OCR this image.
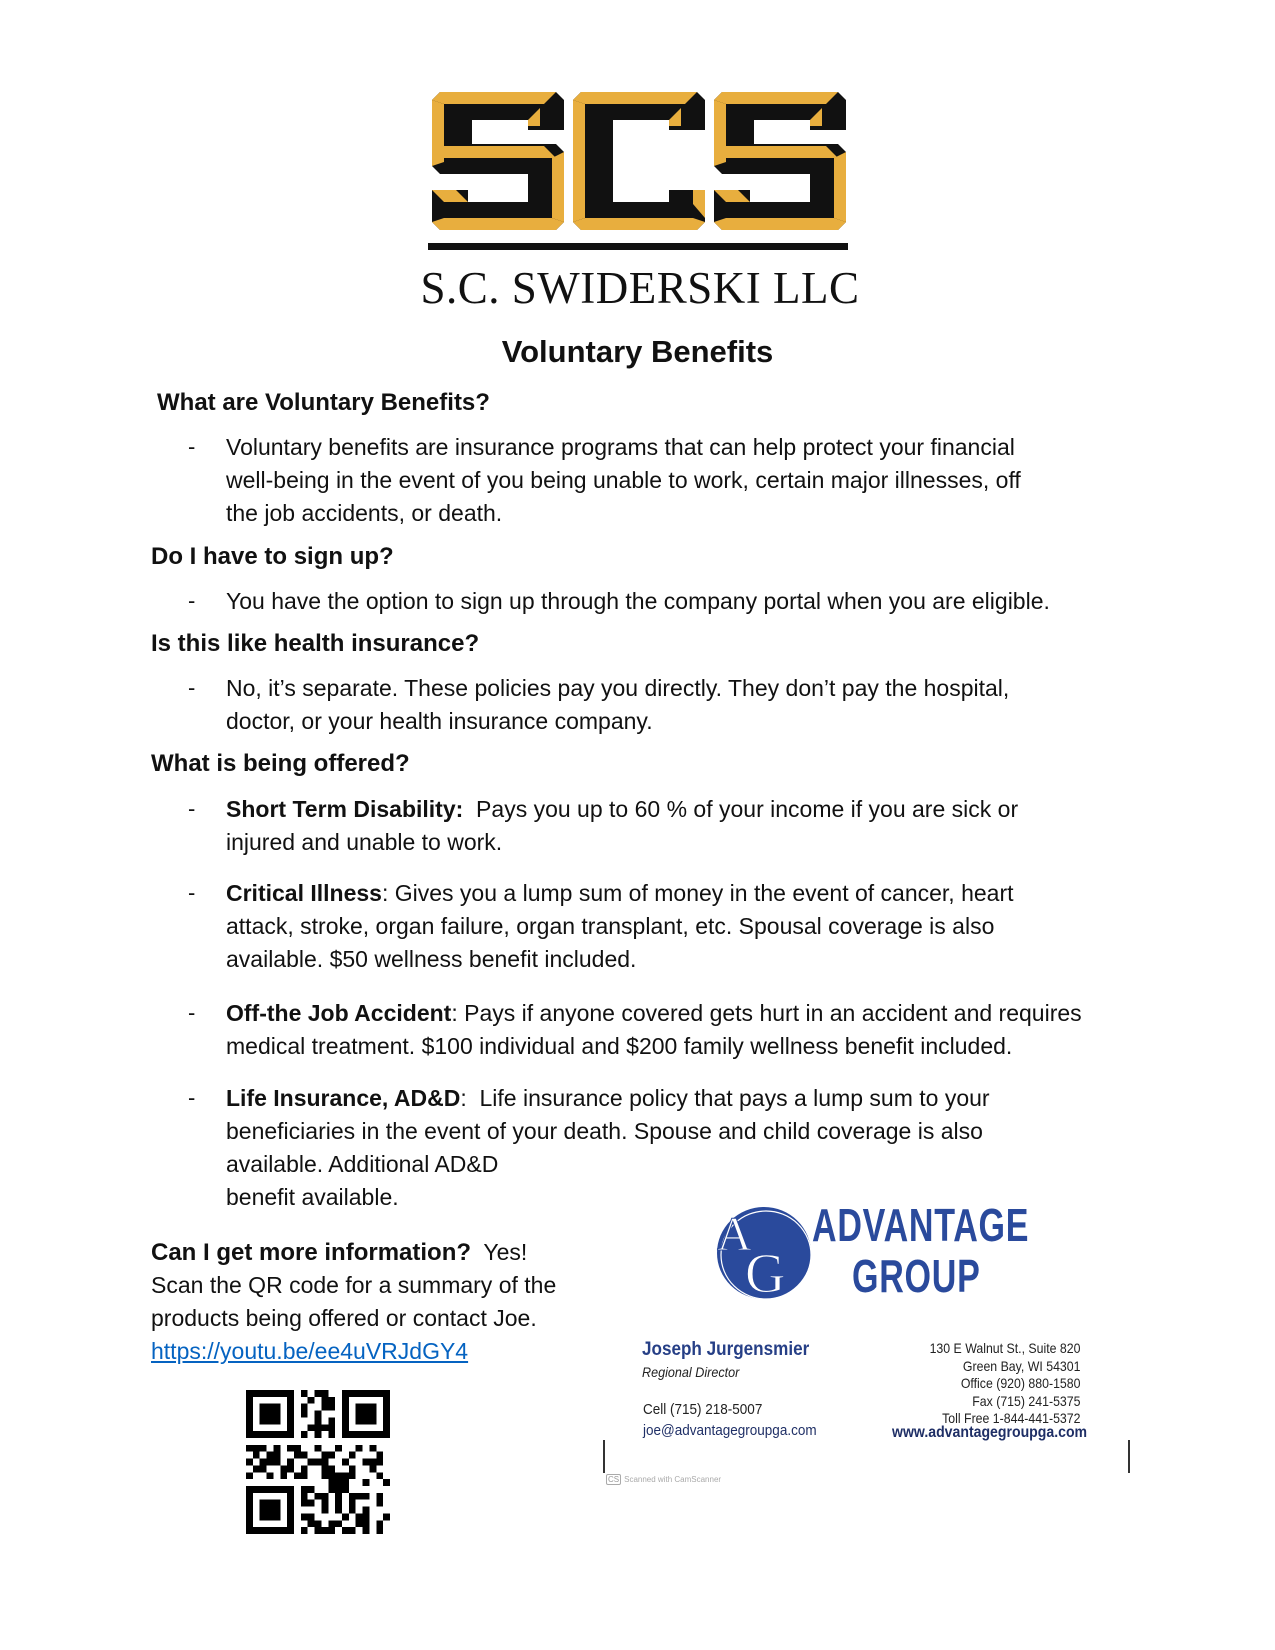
S.C. SWIDERSKI LLC
Voluntary Benefits
What are Voluntary Benefits?
- Voluntary benefits are insurance programs that can help protect your financial
well-being in the event of you being unable to work, certain major illnesses, off
the job accidents, or death.
Do I have to sign up?
- You have the option to sign up through the company portal when you are eligible.
Is this like health insurance?
- No, it’s separate. These policies pay you directly. They don’t pay the hospital,
doctor, or your health insurance company.
What is being offered?
- Short Term Disability:  Pays you up to 60 % of your income if you are sick or
injured and unable to work.
- Critical Illness: Gives you a lump sum of money in the event of cancer, heart
attack, stroke, organ failure, organ transplant, etc. Spousal coverage is also
available. $50 wellness benefit included.
- Off-the Job Accident: Pays if anyone covered gets hurt in an accident and requires
medical treatment. $100 individual and $200 family wellness benefit included.
- Life Insurance, AD&D:  Life insurance policy that pays a lump sum to your
beneficiaries in the event of your death. Spouse and child coverage is also
available. Additional AD&D
benefit available.
Can I get more information? Yes!
Scan the QR code for a summary of the
products being offered or contact Joe.
https://youtu.be/ee4uVRJdGY4
A
G
ADVANTAGE
GROUP
Joseph Jurgensmier
Regional Director
Cell (715) 218-5007
joe@advantagegroupga.com
130 E Walnut St., Suite 820
Green Bay, WI 54301
Office (920) 880-1580
Fax (715) 241-5375
Toll Free 1-844-441-5372
www.advantagegroupga.com
CS Scanned with CamScanner
